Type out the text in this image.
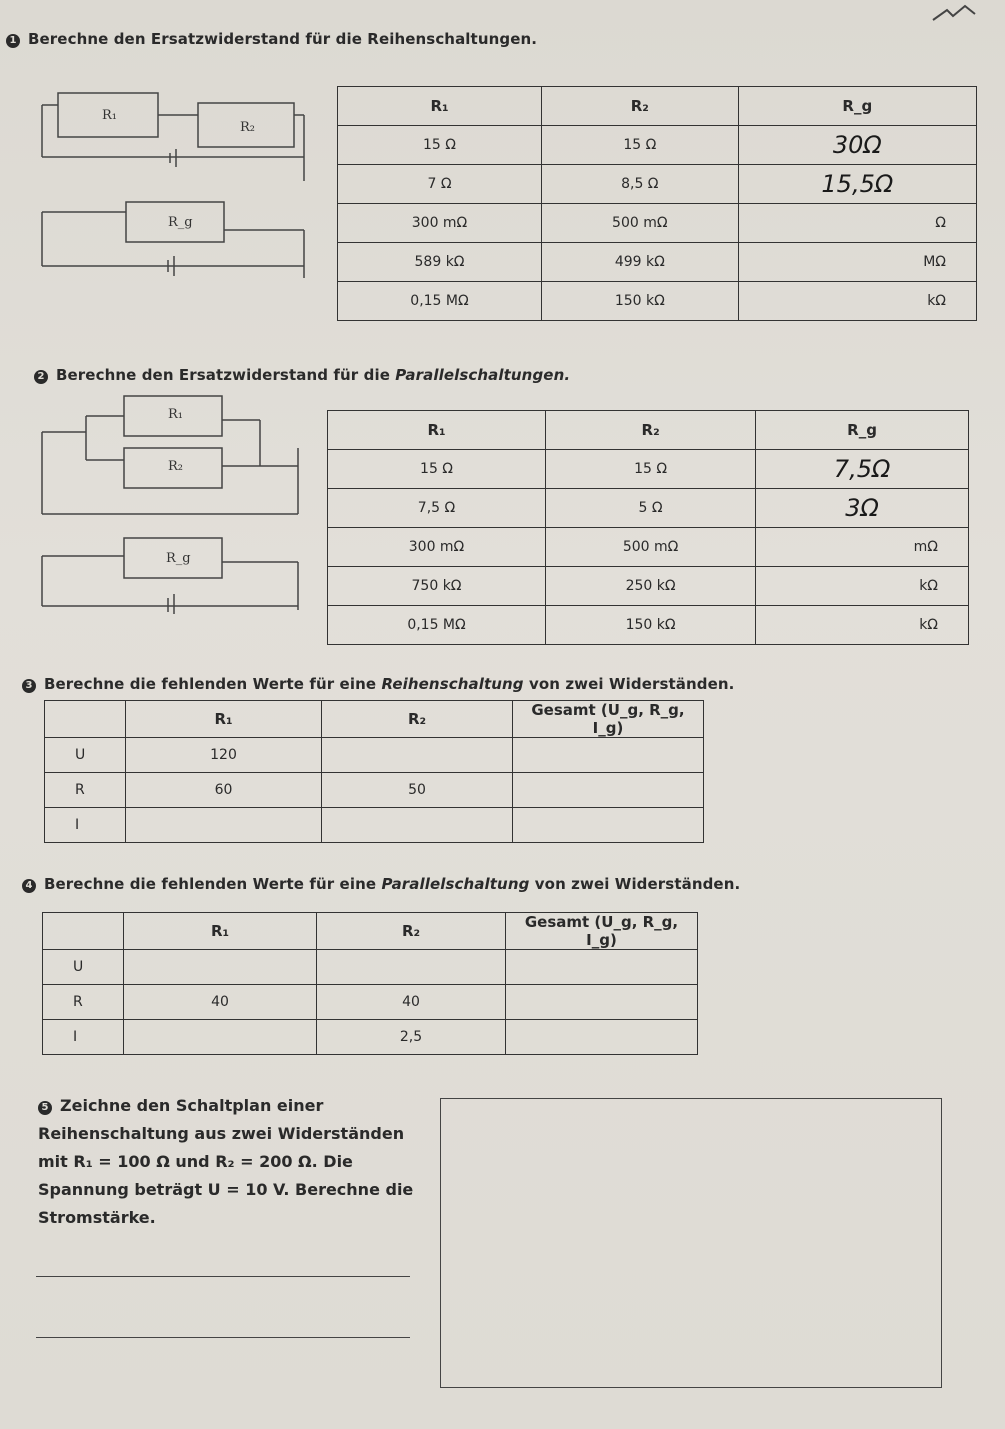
1 Berechne den Ersatzwiderstand für die Reihenschaltungen.
R₁
R₂
R_g
R₁	R₂	R_g
15 Ω	15 Ω	30Ω
7 Ω	8,5 Ω	15,5Ω
300 mΩ	500 mΩ	Ω
589 kΩ	499 kΩ	MΩ
0,15 MΩ	150 kΩ	kΩ
2 Berechne den Ersatzwiderstand für die Parallelschaltungen.
R₁
R₂
R_g
R₁	R₂	R_g
15 Ω	15 Ω	7,5Ω
7,5 Ω	5 Ω	3Ω
300 mΩ	500 mΩ	mΩ
750 kΩ	250 kΩ	kΩ
0,15 MΩ	150 kΩ	kΩ
3 Berechne die fehlenden Werte für eine Reihenschaltung von zwei Widerständen.
	R₁	R₂	Gesamt (U_g, R_g, I_g)
U	120		
R	60	50	
I			
4 Berechne die fehlenden Werte für eine Parallelschaltung von zwei Widerständen.
	R₁	R₂	Gesamt (U_g, R_g, I_g)
U			
R	40	40	
I		2,5	
5 Zeichne den Schaltplan einer Reihenschaltung aus zwei Widerständen mit R₁ = 100 Ω und R₂ = 200 Ω. Die Spannung beträgt U = 10 V. Berechne die Stromstärke.
